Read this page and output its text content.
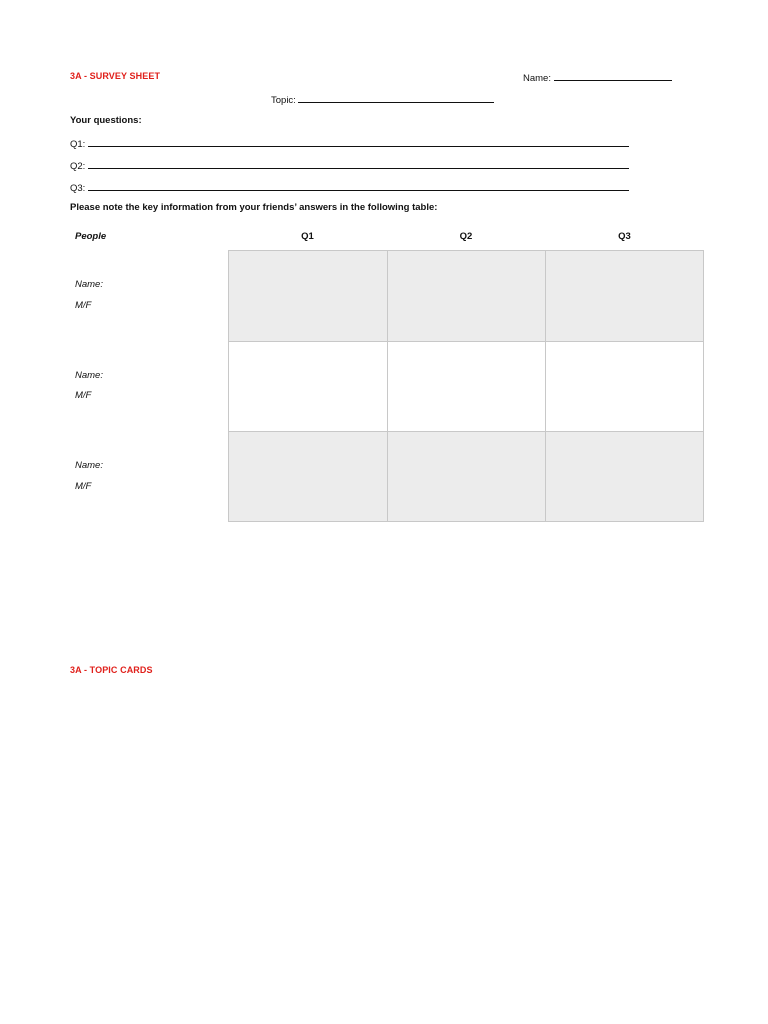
3A - SURVEY SHEET	Name:
Topic:
Your questions:
Q1:
Q2:
Q3:
Please note the key information from your friends’ answers in the following table:
People	Q1	Q2	Q3
Name:
M/F
Name:
M/F
Name:
M/F
3A - TOPIC CARDS
